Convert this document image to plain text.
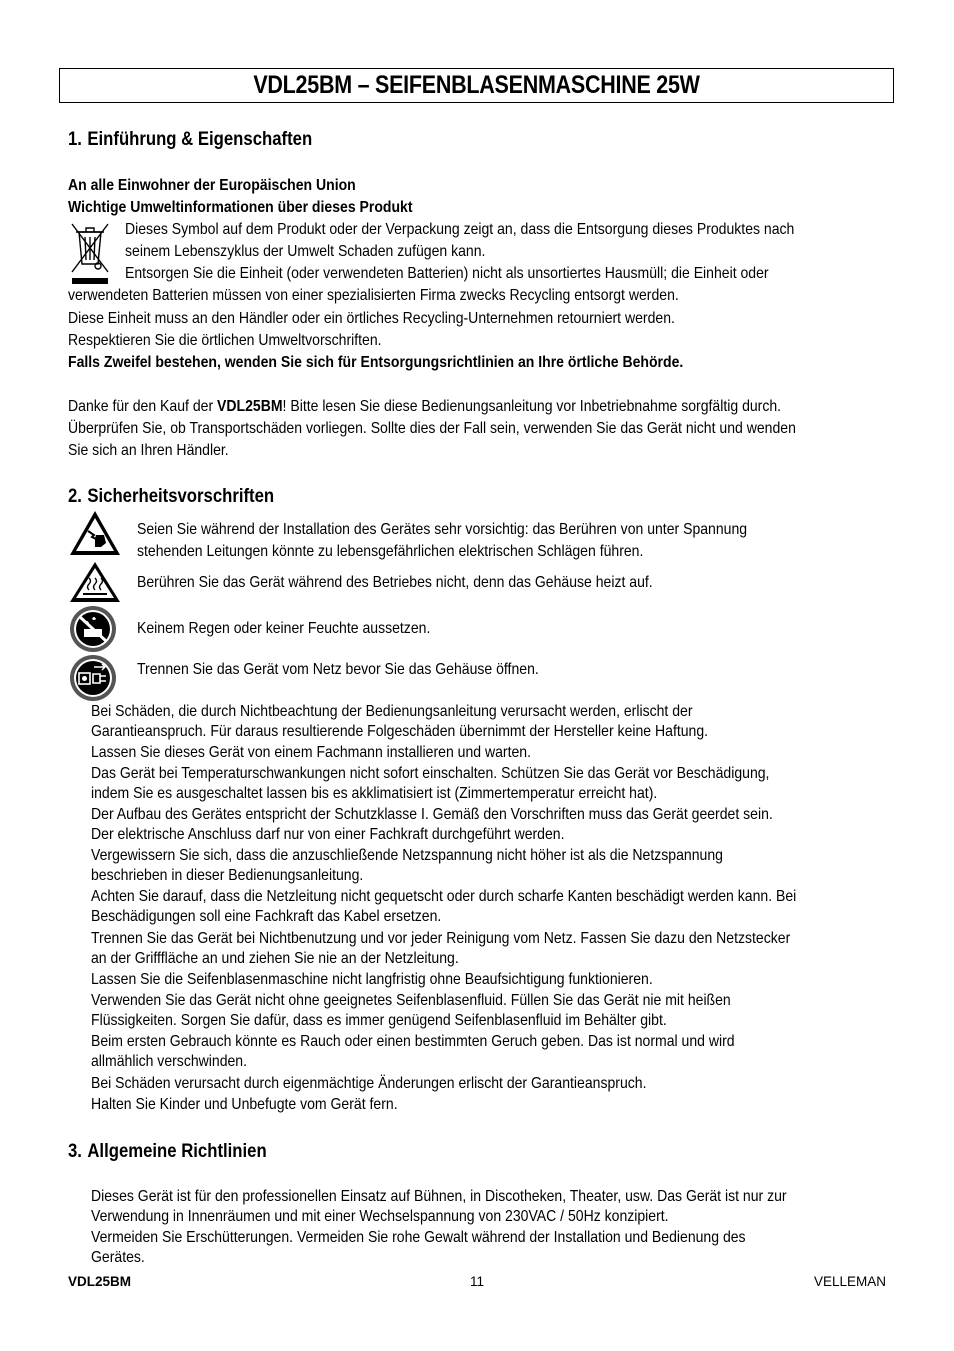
VDL25BM – SEIFENBLASENMASCHINE 25W
1. Einführung & Eigenschaften
An alle Einwohner der Europäischen Union
Wichtige Umweltinformationen über dieses Produkt
Dieses Symbol auf dem Produkt oder der Verpackung zeigt an, dass die Entsorgung dieses Produktes nach
seinem Lebenszyklus der Umwelt Schaden zufügen kann.
Entsorgen Sie die Einheit (oder verwendeten Batterien) nicht als unsortiertes Hausmüll; die Einheit oder
verwendeten Batterien müssen von einer spezialisierten Firma zwecks Recycling entsorgt werden.
Diese Einheit muss an den Händler oder ein örtliches Recycling-Unternehmen retourniert werden.
Respektieren Sie die örtlichen Umweltvorschriften.
Falls Zweifel bestehen, wenden Sie sich für Entsorgungsrichtlinien an Ihre örtliche Behörde.
Danke für den Kauf der VDL25BM! Bitte lesen Sie diese Bedienungsanleitung vor Inbetriebnahme sorgfältig durch.
Überprüfen Sie, ob Transportschäden vorliegen. Sollte dies der Fall sein, verwenden Sie das Gerät nicht und wenden
Sie sich an Ihren Händler.
2. Sicherheitsvorschriften
Seien Sie während der Installation des Gerätes sehr vorsichtig: das Berühren von unter Spannung
stehenden Leitungen könnte zu lebensgefährlichen elektrischen Schlägen führen.
Berühren Sie das Gerät während des Betriebes nicht, denn das Gehäuse heizt auf.
Keinem Regen oder keiner Feuchte aussetzen.
Trennen Sie das Gerät vom Netz bevor Sie das Gehäuse öffnen.
Bei Schäden, die durch Nichtbeachtung der Bedienungsanleitung verursacht werden, erlischt der
Garantieanspruch. Für daraus resultierende Folgeschäden übernimmt der Hersteller keine Haftung.
Lassen Sie dieses Gerät von einem Fachmann installieren und warten.
Das Gerät bei Temperaturschwankungen nicht sofort einschalten. Schützen Sie das Gerät vor Beschädigung,
indem Sie es ausgeschaltet lassen bis es akklimatisiert ist (Zimmertemperatur erreicht hat).
Der Aufbau des Gerätes entspricht der Schutzklasse I. Gemäß den Vorschriften muss das Gerät geerdet sein.
Der elektrische Anschluss darf nur von einer Fachkraft durchgeführt werden.
Vergewissern Sie sich, dass die anzuschließende Netzspannung nicht höher ist als die Netzspannung
beschrieben in dieser Bedienungsanleitung.
Achten Sie darauf, dass die Netzleitung nicht gequetscht oder durch scharfe Kanten beschädigt werden kann. Bei
Beschädigungen soll eine Fachkraft das Kabel ersetzen.
Trennen Sie das Gerät bei Nichtbenutzung und vor jeder Reinigung vom Netz. Fassen Sie dazu den Netzstecker
an der Grifffläche an und ziehen Sie nie an der Netzleitung.
Lassen Sie die Seifenblasenmaschine nicht langfristig ohne Beaufsichtigung funktionieren.
Verwenden Sie das Gerät nicht ohne geeignetes Seifenblasenfluid. Füllen Sie das Gerät nie mit heißen
Flüssigkeiten. Sorgen Sie dafür, dass es immer genügend Seifenblasenfluid im Behälter gibt.
Beim ersten Gebrauch könnte es Rauch oder einen bestimmten Geruch geben. Das ist normal und wird
allmählich verschwinden.
Bei Schäden verursacht durch eigenmächtige Änderungen erlischt der Garantieanspruch.
Halten Sie Kinder und Unbefugte vom Gerät fern.
3. Allgemeine Richtlinien
Dieses Gerät ist für den professionellen Einsatz auf Bühnen, in Discotheken, Theater, usw. Das Gerät ist nur zur
Verwendung in Innenräumen und mit einer Wechselspannung von 230VAC / 50Hz konzipiert.
Vermeiden Sie Erschütterungen. Vermeiden Sie rohe Gewalt während der Installation und Bedienung des
Gerätes.
VDL25BM	11	VELLEMAN
